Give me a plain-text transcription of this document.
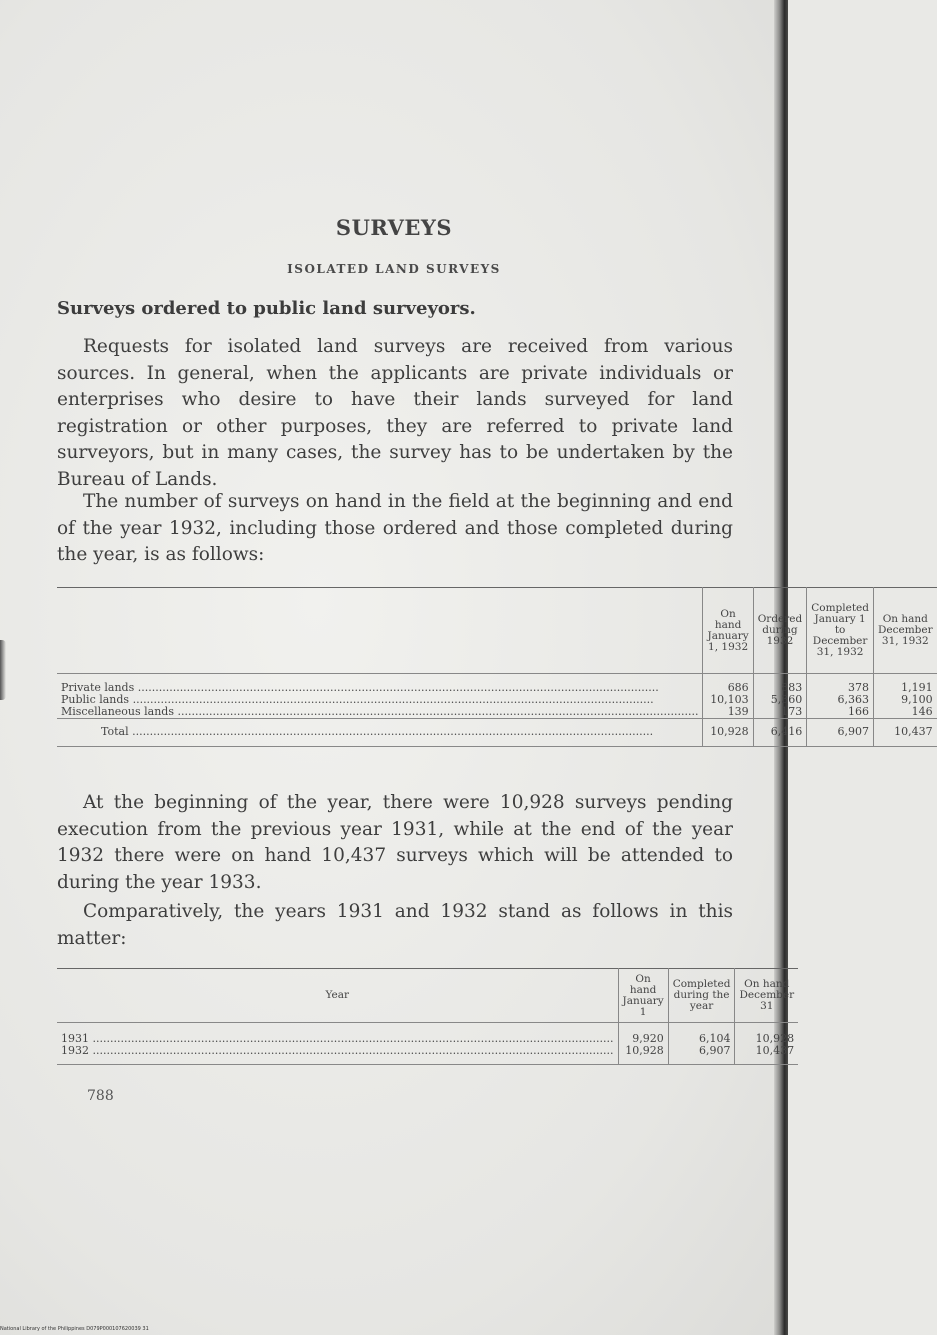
SURVEYS
ISOLATED LAND SURVEYS
Surveys ordered to public land surveyors.
Requests for isolated land surveys are received from various sources. In general, when the applicants are private individuals or enterprises who desire to have their lands surveyed for land registration or other purposes, they are referred to private land surveyors, but in many cases, the survey has to be undertaken by the Bureau of Lands.
The number of surveys on hand in the field at the beginning and end of the year 1932, including those ordered and those completed during the year, is as follows:
	On hand January 1, 1932	Ordered during 1932	Completed January 1 to December 31, 1932	On hand December 31, 1932

Private lands .....	686	883	378	1,191
Public lands .....	10,103	5,360	6,363	9,100
Miscellaneous lands .....	139	173	166	146
Total .....	10,928	6,416	6,907	10,437
At the beginning of the year, there were 10,928 surveys pending execution from the previous year 1931, while at the end of the year 1932 there were on hand 10,437 surveys which will be attended to during the year 1933.
Comparatively, the years 1931 and 1932 stand as follows in this matter:
Year	On hand January 1	Completed during the year	On hand December 31

1931 .....	9,920	6,104	10,928
1932 .....	10,928	6,907	10,437
788
National Library of the Philippines D079P000107620039 31
